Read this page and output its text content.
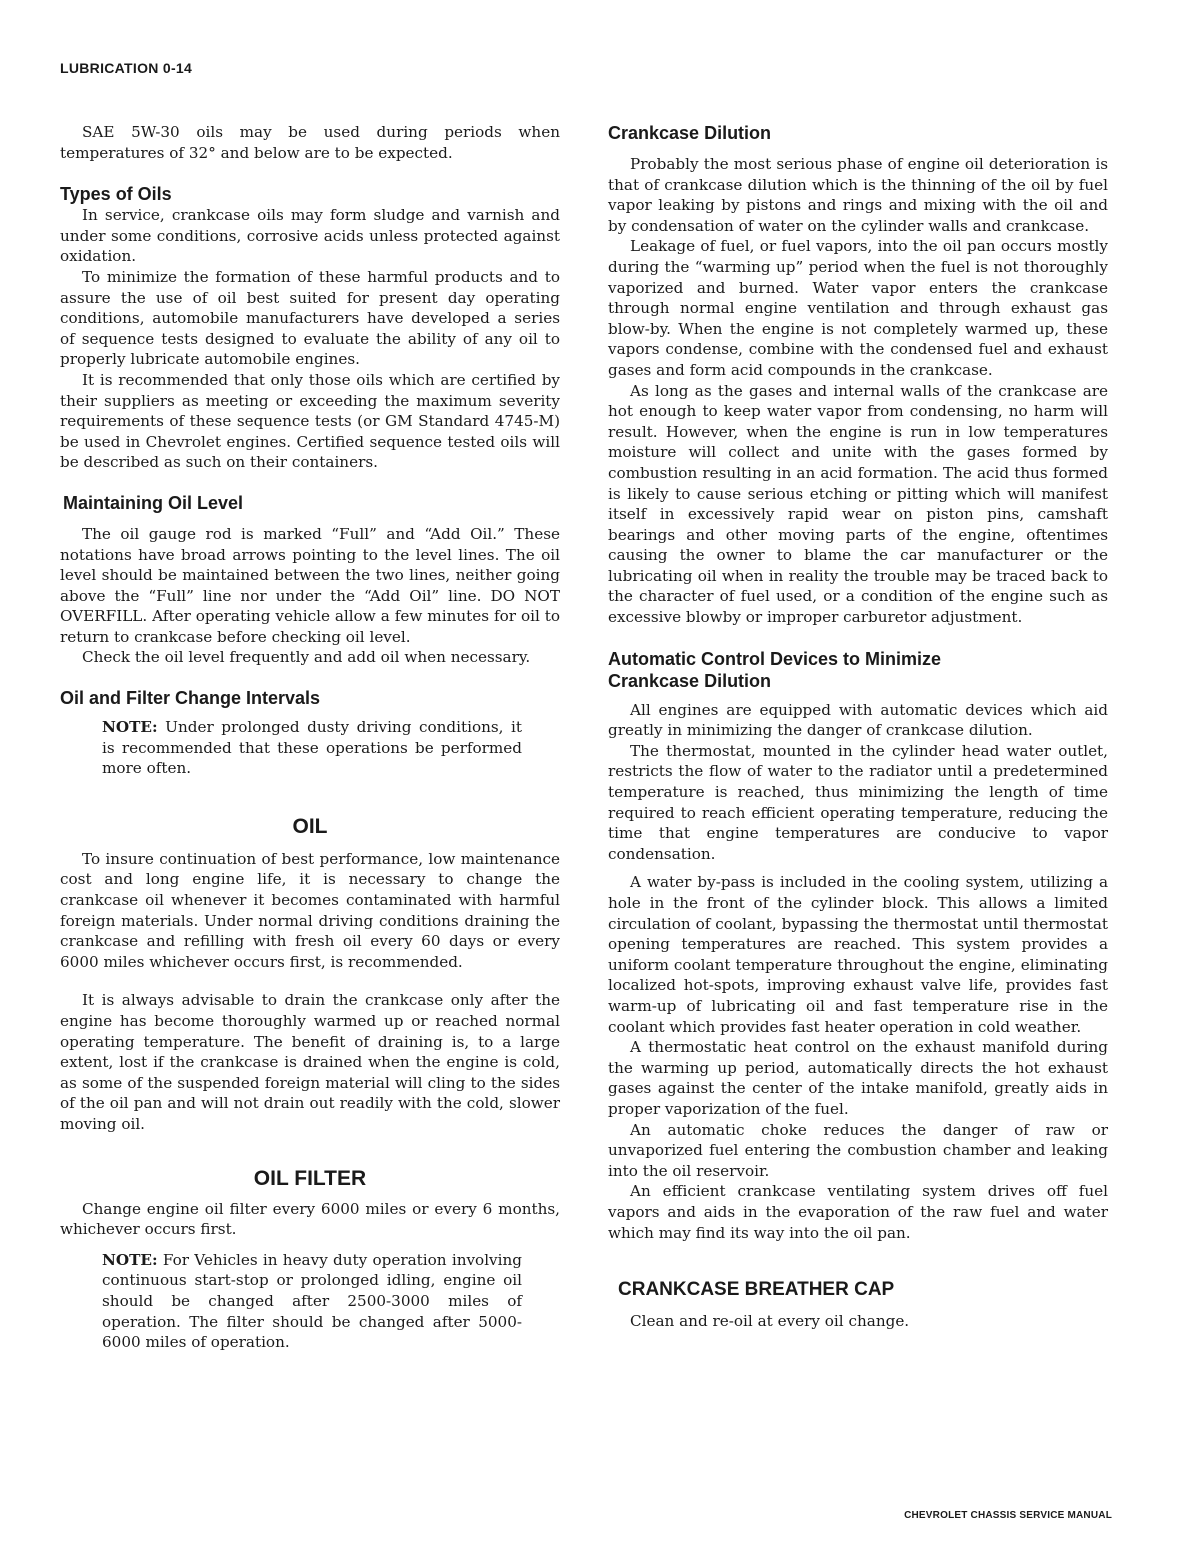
LUBRICATION 0-14

SAE 5W-30 oils may be used during periods when temperatures of 32° and below are to be expected.

Types of Oils

In service, crankcase oils may form sludge and varnish and under some conditions, corrosive acids unless protected against oxidation.

To minimize the formation of these harmful products and to assure the use of oil best suited for present day operating conditions, automobile manufacturers have developed a series of sequence tests designed to evaluate the ability of any oil to properly lubricate automobile engines.

It is recommended that only those oils which are certified by their suppliers as meeting or exceeding the maximum severity requirements of these sequence tests (or GM Standard 4745-M) be used in Chevrolet engines. Certified sequence tested oils will be described as such on their containers.

Maintaining Oil Level

The oil gauge rod is marked “Full” and “Add Oil.” These notations have broad arrows pointing to the level lines. The oil level should be maintained between the two lines, neither going above the “Full” line nor under the “Add Oil” line. DO NOT OVERFILL. After operating vehicle allow a few minutes for oil to return to crankcase before checking oil level.

Check the oil level frequently and add oil when necessary.

Oil and Filter Change Intervals

NOTE: Under prolonged dusty driving conditions, it is recommended that these operations be performed more often.

OIL

To insure continuation of best performance, low maintenance cost and long engine life, it is necessary to change the crankcase oil whenever it becomes contaminated with harmful foreign materials. Under normal driving conditions draining the crankcase and refilling with fresh oil every 60 days or every 6000 miles whichever occurs first, is recommended.

It is always advisable to drain the crankcase only after the engine has become thoroughly warmed up or reached normal operating temperature. The benefit of draining is, to a large extent, lost if the crankcase is drained when the engine is cold, as some of the suspended foreign material will cling to the sides of the oil pan and will not drain out readily with the cold, slower moving oil.

OIL FILTER

Change engine oil filter every 6000 miles or every 6 months, whichever occurs first.

NOTE: For Vehicles in heavy duty operation involving continuous start-stop or prolonged idling, engine oil should be changed after 2500-3000 miles of operation. The filter should be changed after 5000-6000 miles of operation.

Crankcase Dilution

Probably the most serious phase of engine oil deterioration is that of crankcase dilution which is the thinning of the oil by fuel vapor leaking by pistons and rings and mixing with the oil and by condensation of water on the cylinder walls and crankcase.

Leakage of fuel, or fuel vapors, into the oil pan occurs mostly during the “warming up” period when the fuel is not thoroughly vaporized and burned. Water vapor enters the crankcase through normal engine ventilation and through exhaust gas blow-by. When the engine is not completely warmed up, these vapors condense, combine with the condensed fuel and exhaust gases and form acid compounds in the crankcase.

As long as the gases and internal walls of the crankcase are hot enough to keep water vapor from condensing, no harm will result. However, when the engine is run in low temperatures moisture will collect and unite with the gases formed by combustion resulting in an acid formation. The acid thus formed is likely to cause serious etching or pitting which will manifest itself in excessively rapid wear on piston pins, camshaft bearings and other moving parts of the engine, oftentimes causing the owner to blame the car manufacturer or the lubricating oil when in reality the trouble may be traced back to the character of fuel used, or a condition of the engine such as excessive blowby or improper carburetor adjustment.

Automatic Control Devices to Minimize
Crankcase Dilution

All engines are equipped with automatic devices which aid greatly in minimizing the danger of crankcase dilution.

The thermostat, mounted in the cylinder head water outlet, restricts the flow of water to the radiator until a predetermined temperature is reached, thus minimizing the length of time required to reach efficient operating temperature, reducing the time that engine temperatures are conducive to vapor condensation.

A water by-pass is included in the cooling system, utilizing a hole in the front of the cylinder block. This allows a limited circulation of coolant, bypassing the thermostat until thermostat opening temperatures are reached. This system provides a uniform coolant temperature throughout the engine, eliminating localized hot-spots, improving exhaust valve life, provides fast warm-up of lubricating oil and fast temperature rise in the coolant which provides fast heater operation in cold weather.

A thermostatic heat control on the exhaust manifold during the warming up period, automatically directs the hot exhaust gases against the center of the intake manifold, greatly aids in proper vaporization of the fuel.

An automatic choke reduces the danger of raw or unvaporized fuel entering the combustion chamber and leaking into the oil reservoir.

An efficient crankcase ventilating system drives off fuel vapors and aids in the evaporation of the raw fuel and water which may find its way into the oil pan.

CRANKCASE BREATHER CAP

Clean and re-oil at every oil change.

CHEVROLET CHASSIS SERVICE MANUAL
